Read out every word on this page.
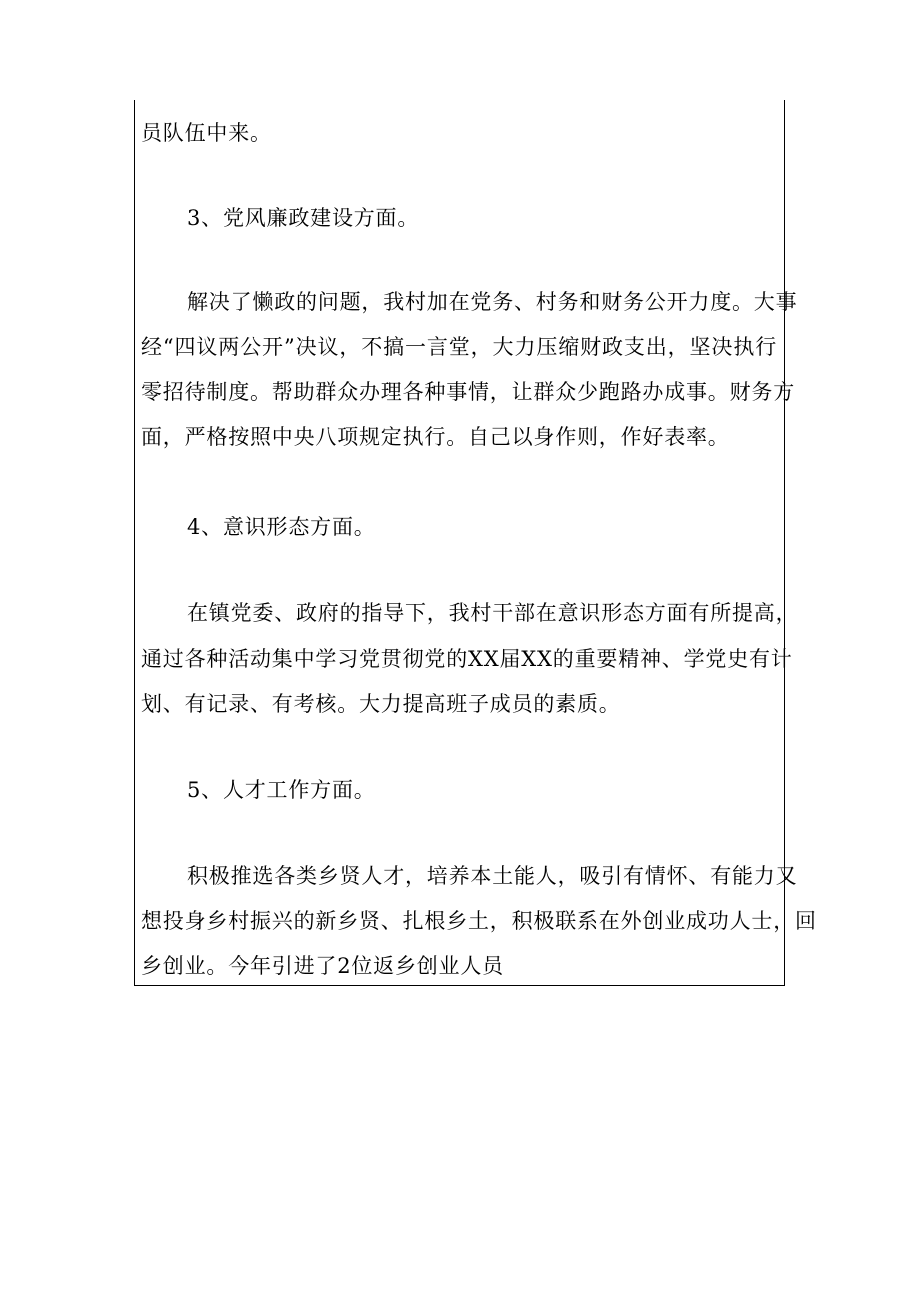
员队伍中来。
3、党风廉政建设方面。
解决了懒政的问题，我村加在党务、村务和财务公开力度。大事
经“四议两公开”决议，不搞一言堂，大力压缩财政支出，坚决执行
零招待制度。帮助群众办理各种事情，让群众少跑路办成事。财务方
面，严格按照中央八项规定执行。自己以身作则，作好表率。
4、意识形态方面。
在镇党委、政府的指导下，我村干部在意识形态方面有所提高，
通过各种活动集中学习党贯彻党的XX届XX的重要精神、学党史有计
划、有记录、有考核。大力提高班子成员的素质。
5、人才工作方面。
积极推选各类乡贤人才，培养本土能人，吸引有情怀、有能力又
想投身乡村振兴的新乡贤、扎根乡土，积极联系在外创业成功人士，回
乡创业。今年引进了2位返乡创业人员
